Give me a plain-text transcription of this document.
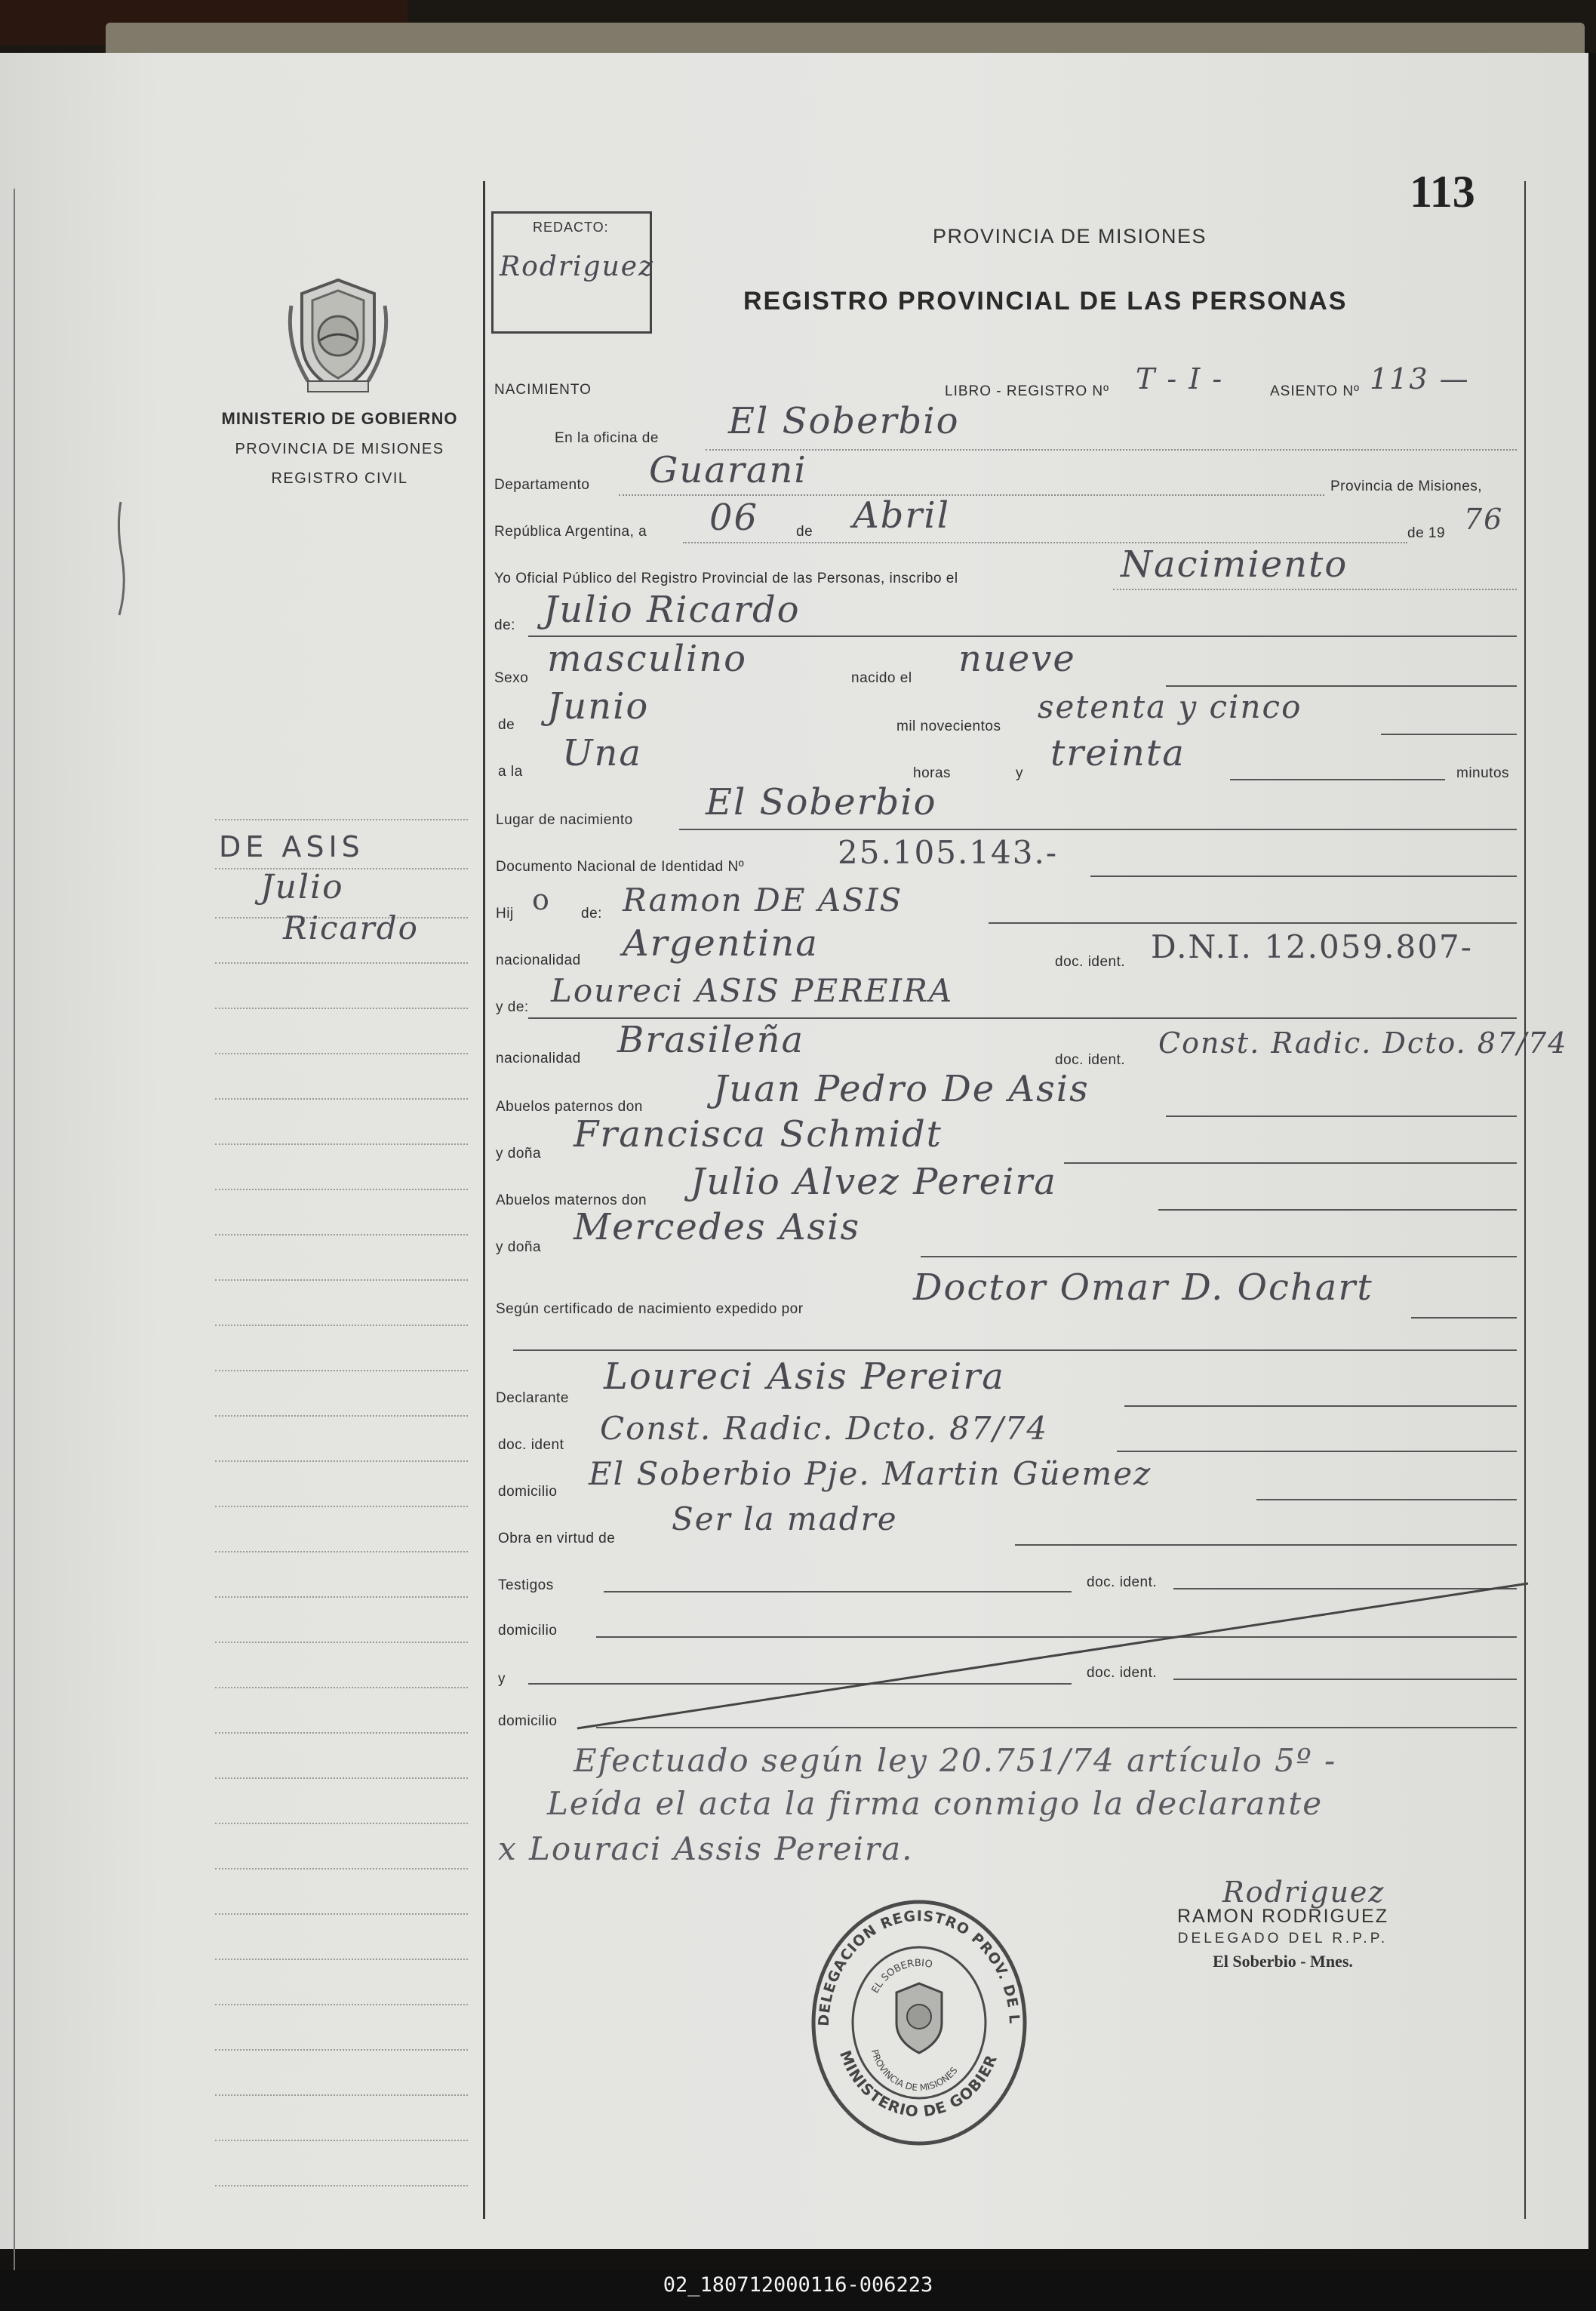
113
REDACTO:
Rodriguez
PROVINCIA DE MISIONES
REGISTRO PROVINCIAL DE LAS PERSONAS
MINISTERIO DE GOBIERNO
PROVINCIA DE MISIONES
REGISTRO CIVIL
DE ASIS
Julio
Ricardo
NACIMIENTO	LIBRO - REGISTRO Nº T - I -	ASIENTO Nº 113 —
En la oficina de El Soberbio
Departamento Guarani	Provincia de Misiones,
República Argentina, a 06	de Abril	de 19 76
Yo Oficial Público del Registro Provincial de las Personas, inscribo el	Nacimiento
de: Julio Ricardo
Sexo masculino	nacido el nueve
de Junio	mil novecientos
setenta y cinco
a la Una	horas	y treinta	minutos
Lugar de nacimiento El Soberbio
Documento Nacional de Identidad Nº	25.105.143.-
Hij o de: Ramon DE ASIS
nacionalidad Argentina	doc. ident. D.N.I. 12.059.807-
y de: Loureci ASIS PEREIRA
nacionalidad Brasileña	doc. ident.
Const. Radic. Dcto. 87/74
Abuelos paternos don Juan Pedro De Asis
y doña Francisca Schmidt
Abuelos maternos don Julio Alvez Pereira
y doña Mercedes Asis
Según certificado de nacimiento expedido por
Doctor Omar D. Ochart
Declarante
Loureci Asis Pereira
doc. ident Const. Radic. Dcto. 87/74
domicilio El Soberbio Pje. Martin Güemez
Obra en virtud de
Ser la madre
Testigos	doc. ident.
domicilio
y	doc. ident.
domicilio
Efectuado según ley 20.751/74 artículo 5º -
Leída el acta la firma conmigo la declarante
x Louraci Assis Pereira.
Rodriguez
RAMON RODRIGUEZ
DELEGADO DEL R.P.P.
El Soberbio - Mnes.
DELEGACION REGISTRO PROV. DE L
MINISTERIO DE GOBIER
EL SOBERBIO
PROVINCIA DE MISIONES
02_180712000116-006223
